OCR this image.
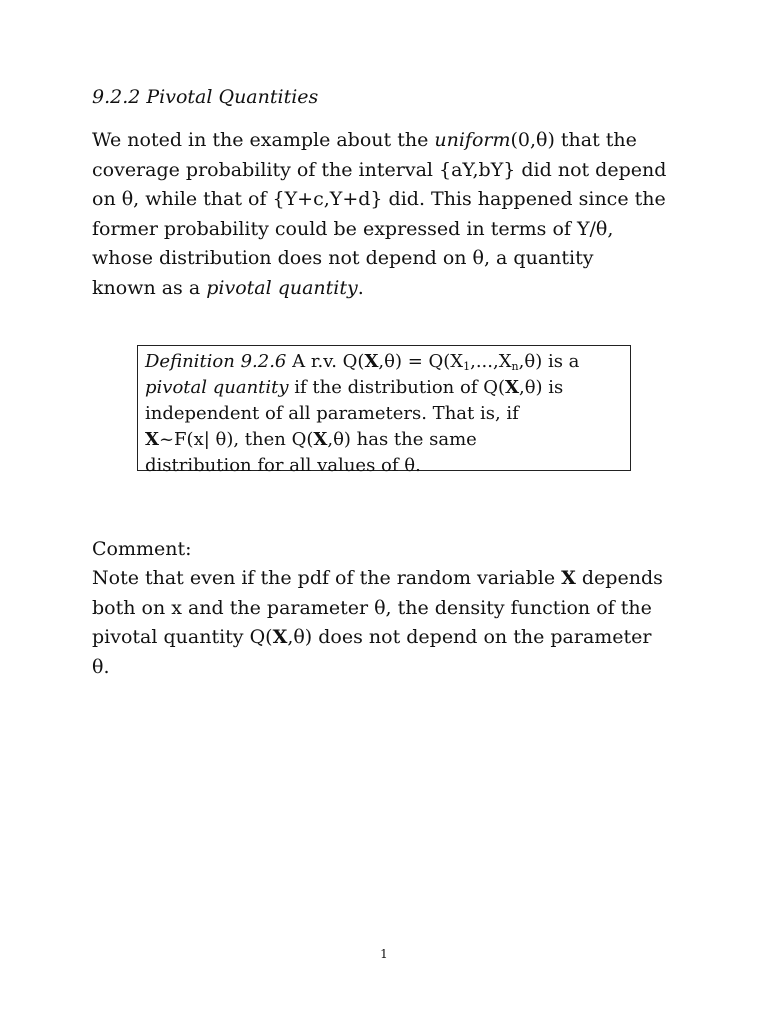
9.2.2 Pivotal Quantities
We noted in the example about the uniform(0,θ) that the
coverage probability of the interval {aY,bY} did not depend
on θ, while that of {Y+c,Y+d} did. This happened since the
former probability could be expressed in terms of Y/θ,
whose distribution does not depend on θ, a quantity
known as a pivotal quantity.
Definition 9.2.6 A r.v. $Q(X,\theta) = Q(X_1,...,X_n,\theta)$ is a
pivotal quantity if the distribution of Q(X,θ) is
independent of all parameters. That is, if
X~F(x| θ), then Q(X,θ) has the same
distribution for all values of θ.

Comment:

Note that even if the pdf of the random variable X depends
both on x and the parameter θ, the density function of the
pivotal quantity Q(X,θ) does not depend on the parameter
θ.
1
